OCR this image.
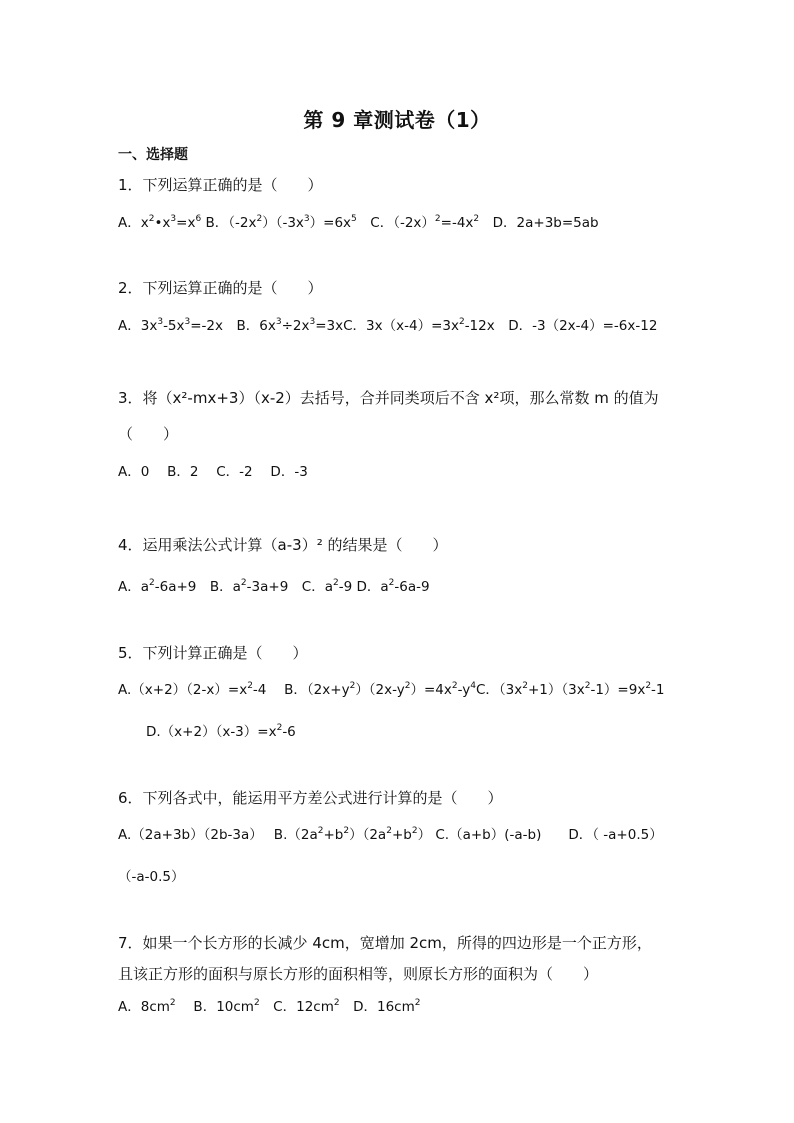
第 9 章测试卷（1）
一、选择题
1．下列运算正确的是（　　）
A．$x^2•x^3=x^6$ B．$(-2x^2)(-3x^3)=6x^5$　C．$(-2x)^2=-4x^2$　D．2a+3b=5ab
2．下列运算正确的是（　　）
A．$3x^3-5x^3=-2x$　B．$6x^3\div 2x^3=3xC$．$3x(x-4)=3x^2-12x$　D．-3（2x-4）=-6x-12
3．将（x²-mx+3）（x-2）去括号，合并同类项后不含 x²项，那么常数 m 的值为
（　　）
A．0　 B．2　 C．-2　 D．-3
4．运用乘法公式计算（a-3）² 的结果是（　　）
A．$a^2-6a+9$　B．$a^2-3a+9$　C．$a^2-9$ D．$a^2-6a-9$
5．下列计算正确是（　　）
$A.(x+2)(2-x)=x^2-4$　 B．$(2x+y^2)(2x-y^2)=4x^2-y^4C$．$(3x^2+1)(3x^2-1)=9x^2-1$
$D.(x+2)(x-3)=x^2-6$
6．下列各式中，能运用平方差公式进行计算的是（　　）
A.（2a+3b）（2b-3a）　 $B.(2a^2+b^2)(2a^2+b^2)$ C.（a+b）(-a-b)　　D．（ -a+0.5）
（-a-0.5）
7．如果一个长方形的长减少 4cm，宽增加 2cm，所得的四边形是一个正方形，
且该正方形的面积与原长方形的面积相等，则原长方形的面积为（　　）
A．$8cm^2$　 B．$10cm^2$　C．$12cm^2$　D．$16cm^2$
